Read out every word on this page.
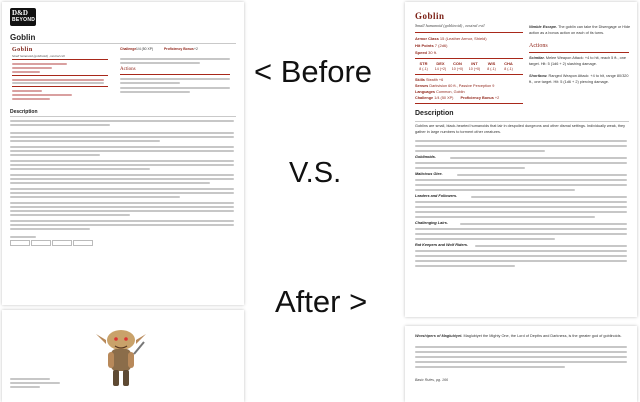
< Before
V.S.
After >
D&D
BEYOND
Goblin
Goblin
Small humanoid (goblinoid) , neutral evil
Challenge 1/4 (50 XP)	Proficiency Bonus +2
Actions
Description
Goblin
Small humanoid (goblinoid) , neutral evil
Armor Class 15 (Leather Armor, Shield)
Hit Points 7 (2d6)
Speed 30 ft.
STR DEX CON INT	WIS CHA
8 (-1) 14 (+2) 10 (+0) 10 (+0) 8 (-1) 8 (-1)
Skills Stealth +6
Senses Darkvision 60 ft., Passive Perception 9
Languages Common, Goblin
Challenge 1/4 (50 XP) Proficiency Bonus +2
Nimble Escape. The goblin can take the Disengage or Hide action as a bonus action on each of its turns.
Actions
Scimitar. Melee Weapon Attack: +4 to hit, reach 5 ft., one target. Hit: 5 (1d6 + 2) slashing damage.
Shortbow. Ranged Weapon Attack: +4 to hit, range 80/320 ft., one target. Hit: 5 (1d6 + 2) piercing damage.
Description
Goblins are small, black-hearted humanoids that lair in despoiled dungeons and other dismal settings. Individually weak, they gather in large numbers to torment other creatures.
Goblinoids.
Malicious Glee.
Leaders and Followers.
Challenging Lairs.
Rat Keepers and Wolf Riders.
Worshipers of Maglubiyet. Maglubiyet the Mighty One, the Lord of Depths and Darkness, is the greater god of goblinoids.
Basic Rules, pg. 166
